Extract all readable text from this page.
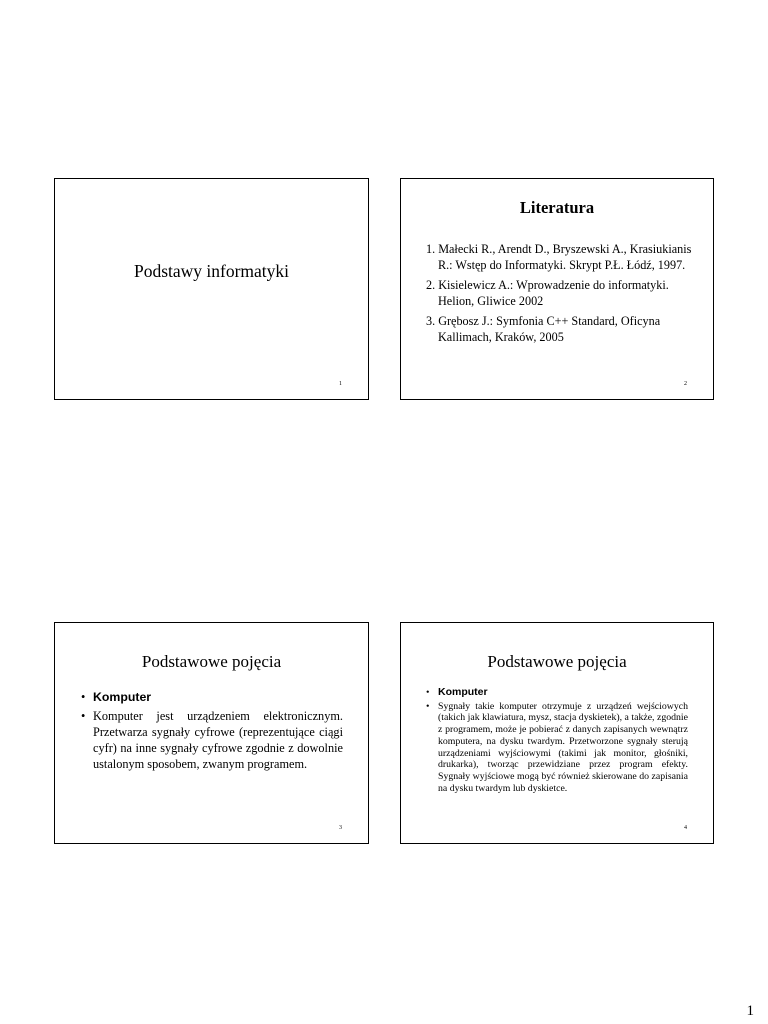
Podstawy informatyki
1
Literatura
1. Małecki R., Arendt D., Bryszewski A., Krasiukianis R.: Wstęp do Informatyki. Skrypt P.Ł. Łódź, 1997.
2. Kisielewicz A.: Wprowadzenie do informatyki. Helion, Gliwice 2002
3. Grębosz J.: Symfonia C++ Standard, Oficyna Kallimach, Kraków, 2005
2
Podstawowe pojęcia
• Komputer
• Komputer jest urządzeniem elektronicznym. Przetwarza sygnały cyfrowe (reprezentujące ciągi cyfr) na inne sygnały cyfrowe zgodnie z dowolnie ustalonym sposobem, zwanym programem.
3
Podstawowe pojęcia
• Komputer
• Sygnały takie komputer otrzymuje z urządzeń wejściowych (takich jak klawiatura, mysz, stacja dyskietek), a także, zgodnie z programem, może je pobierać z danych zapisanych wewnątrz komputera, na dysku twardym. Przetworzone sygnały sterują urządzeniami wyjściowymi (takimi jak monitor, głośniki, drukarka), tworząc przewidziane przez program efekty. Sygnały wyjściowe mogą być również skierowane do zapisania na dysku twardym lub dyskietce.
4
1
